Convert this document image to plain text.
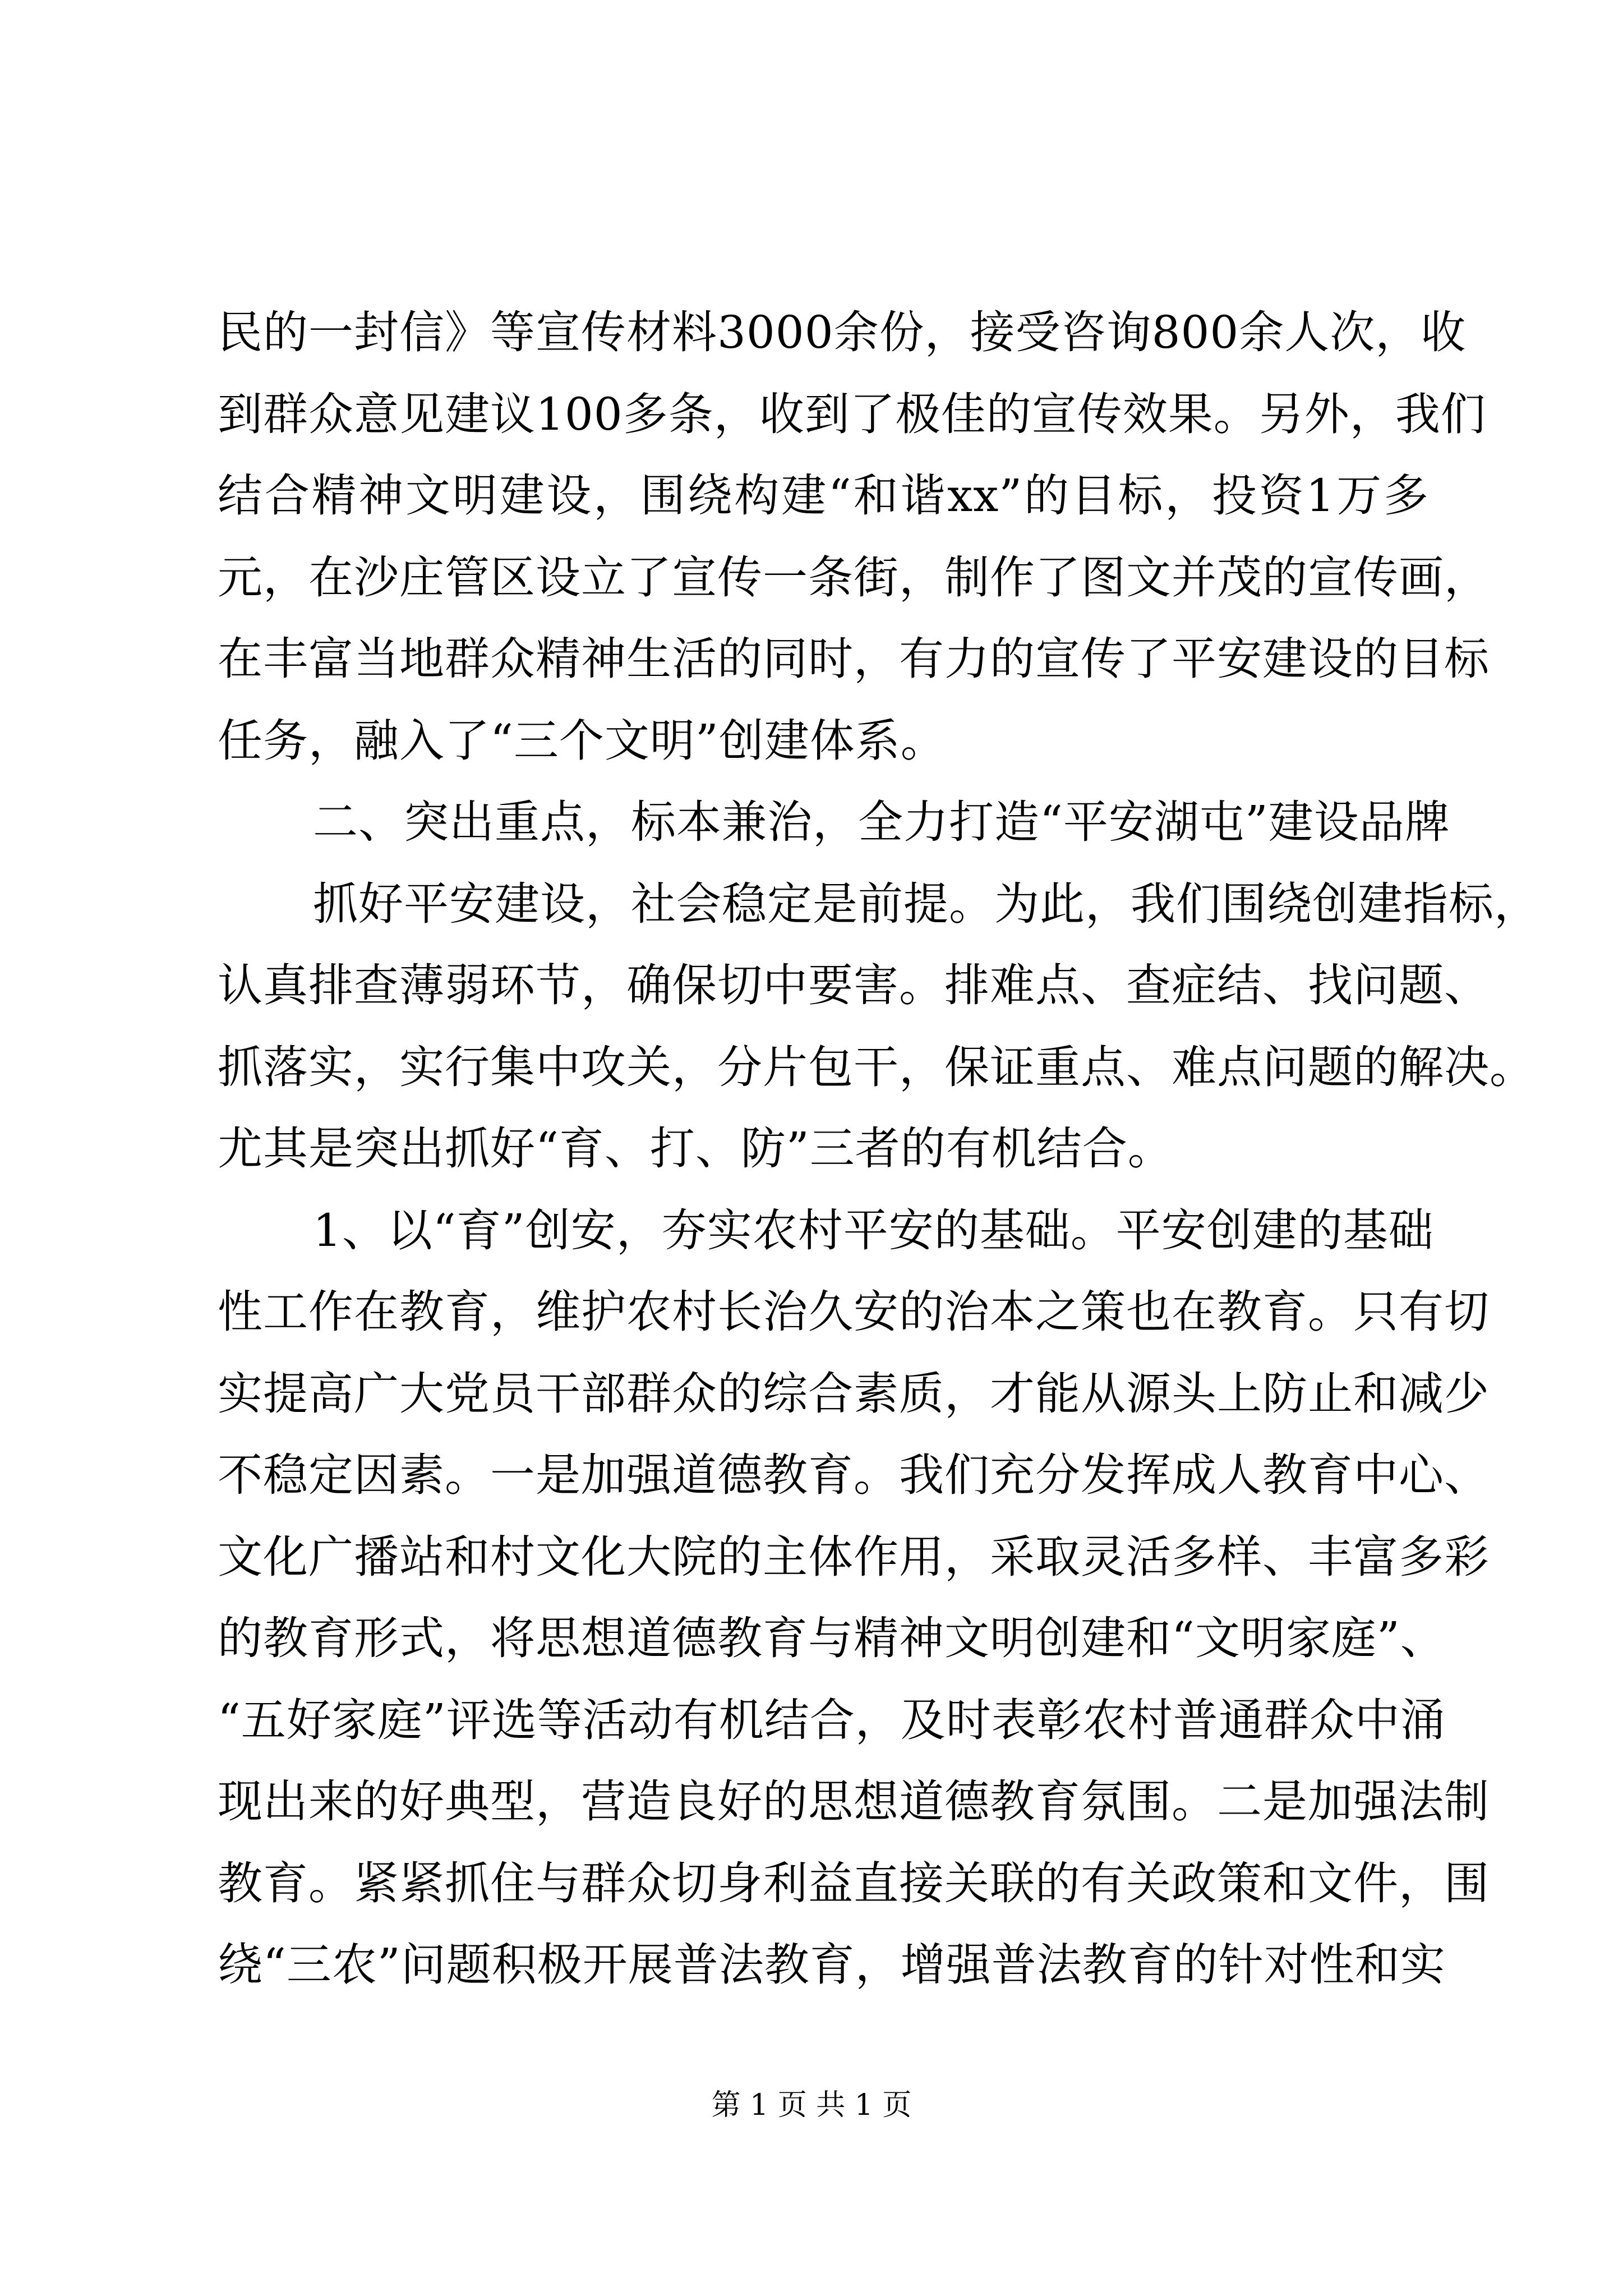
民的一封信》等宣传材料3000余份，接受咨询800余人次，收
到群众意见建议100多条，收到了极佳的宣传效果。另外，我们
结合精神文明建设，围绕构建“和谐xx”的目标，投资1万多
元，在沙庄管区设立了宣传一条街，制作了图文并茂的宣传画，
在丰富当地群众精神生活的同时，有力的宣传了平安建设的目标
任务，融入了“三个文明”创建体系。
二、突出重点，标本兼治，全力打造“平安湖屯”建设品牌
抓好平安建设，社会稳定是前提。为此，我们围绕创建指标，
认真排查薄弱环节，确保切中要害。排难点、查症结、找问题、
抓落实，实行集中攻关，分片包干，保证重点、难点问题的解决。
尤其是突出抓好“育、打、防”三者的有机结合。
1、以“育”创安，夯实农村平安的基础。平安创建的基础
性工作在教育，维护农村长治久安的治本之策也在教育。只有切
实提高广大党员干部群众的综合素质，才能从源头上防止和减少
不稳定因素。一是加强道德教育。我们充分发挥成人教育中心、
文化广播站和村文化大院的主体作用，采取灵活多样、丰富多彩
的教育形式，将思想道德教育与精神文明创建和“文明家庭”、
“五好家庭”评选等活动有机结合，及时表彰农村普通群众中涌
现出来的好典型，营造良好的思想道德教育氛围。二是加强法制
教育。紧紧抓住与群众切身利益直接关联的有关政策和文件，围
绕“三农”问题积极开展普法教育，增强普法教育的针对性和实
第 1 页 共 1 页
